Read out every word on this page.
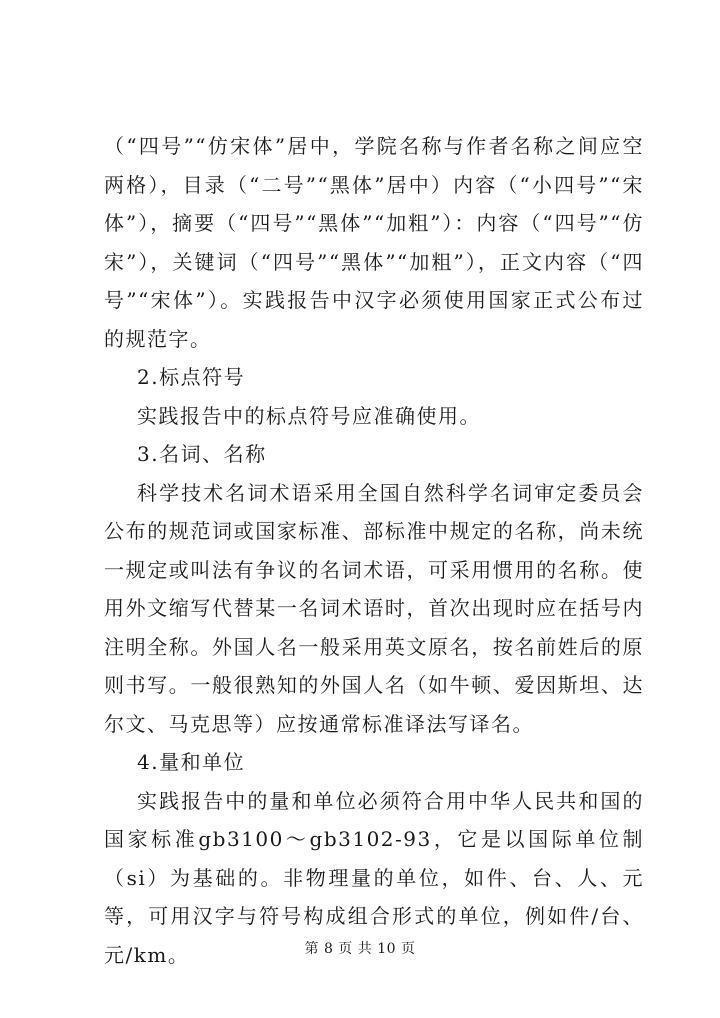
（“四号”“仿宋体”居中，学院名称与作者名称之间应空两格），目录（“二号”“黑体”居中）内容（“小四号”“宋体”），摘要（“四号”“黑体”“加粗”）：内容（“四号”“仿宋”），关键词（“四号”“黑体”“加粗”），正文内容（“四号”“宋体”）。实践报告中汉字必须使用国家正式公布过的规范字。

2.标点符号

实践报告中的标点符号应准确使用。

3.名词、名称

科学技术名词术语采用全国自然科学名词审定委员会公布的规范词或国家标准、部标准中规定的名称，尚未统一规定或叫法有争议的名词术语，可采用惯用的名称。使用外文缩写代替某一名词术语时，首次出现时应在括号内注明全称。外国人名一般采用英文原名，按名前姓后的原则书写。一般很熟知的外国人名（如牛顿、爱因斯坦、达尔文、马克思等）应按通常标准译法写译名。

4.量和单位

实践报告中的量和单位必须符合用中华人民共和国的国家标准gb3100～gb3102-93，它是以国际单位制（si）为基础的。非物理量的单位，如件、台、人、元等，可用汉字与符号构成组合形式的单位，例如件/台、元/km。	第 8 页 共 10 页
